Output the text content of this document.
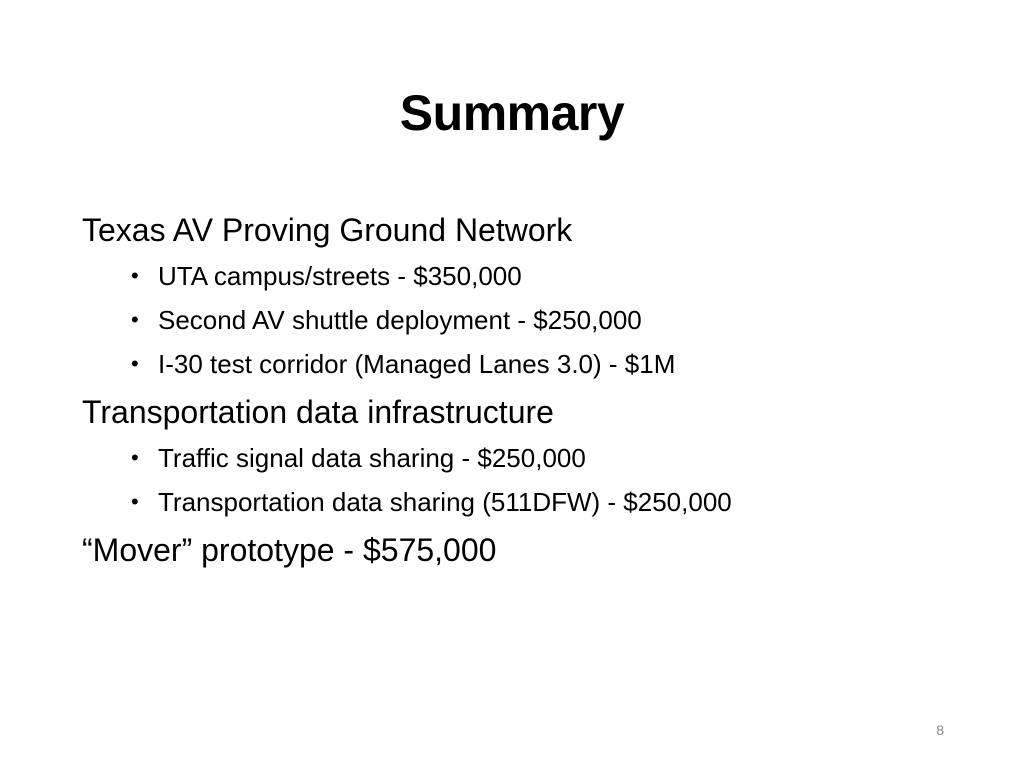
Summary
Texas AV Proving Ground Network
• UTA campus/streets - $350,000
• Second AV shuttle deployment - $250,000
• I-30 test corridor (Managed Lanes 3.0) - $1M
Transportation data infrastructure
• Traffic signal data sharing - $250,000
• Transportation data sharing (511DFW) - $250,000
“Mover” prototype - $575,000
8
